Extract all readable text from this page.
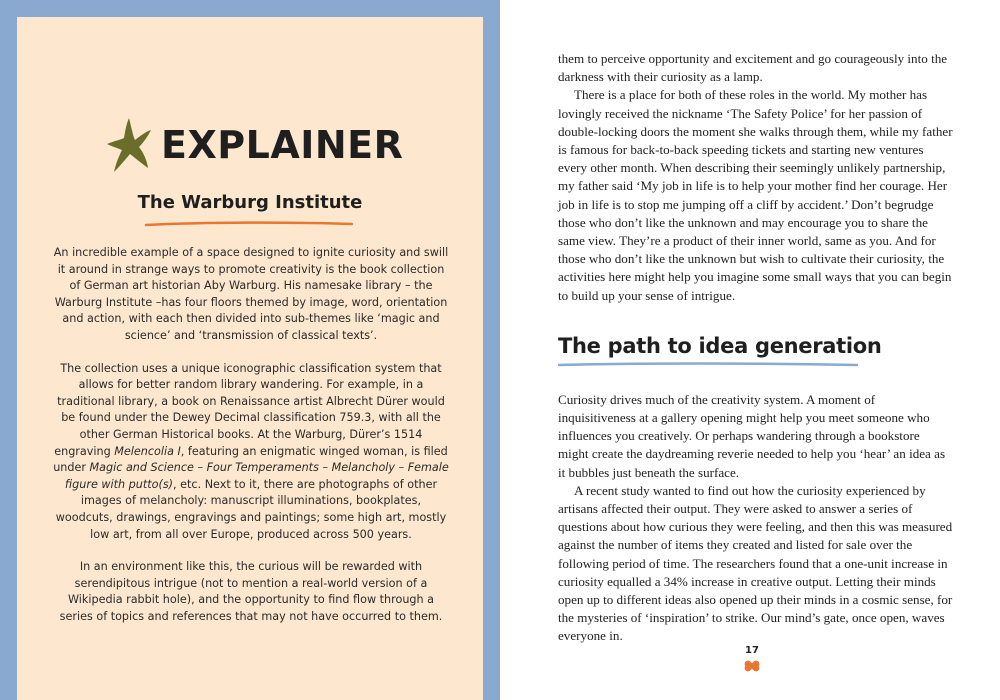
EXPLAINER
The Warburg Institute

An incredible example of a space designed to ignite curiosity and swill it around in strange ways to promote creativity is the book collection of German art historian Aby Warburg. His namesake library – the Warburg Institute –has four floors themed by image, word, orientation and action, with each then divided into sub-themes like ‘magic and science’ and ‘transmission of classical texts’.

The collection uses a unique iconographic classification system that allows for better random library wandering. For example, in a traditional library, a book on Renaissance artist Albrecht Dürer would be found under the Dewey Decimal classification 759.3, with all the other German Historical books. At the Warburg, Dürer’s 1514 engraving Melencolia I, featuring an enigmatic winged woman, is filed under Magic and Science – Four Temperaments – Melancholy – Female figure with putto(s), etc. Next to it, there are photographs of other images of melancholy: manuscript illuminations, bookplates, woodcuts, drawings, engravings and paintings; some high art, mostly low art, from all over Europe, produced across 500 years.

In an environment like this, the curious will be rewarded with serendipitous intrigue (not to mention a real-world version of a Wikipedia rabbit hole), and the opportunity to find flow through a series of topics and references that may not have occurred to them.

them to perceive opportunity and excitement and go courageously into the darkness with their curiosity as a lamp.

There is a place for both of these roles in the world. My mother has lovingly received the nickname ‘The Safety Police’ for her passion of double-locking doors the moment she walks through them, while my father is famous for back-to-back speeding tickets and starting new ventures every other month. When describing their seemingly unlikely partnership, my father said ‘My job in life is to help your mother find her courage. Her job in life is to stop me jumping off a cliff by accident.’ Don’t begrudge those who don’t like the unknown and may encourage you to share the same view. They’re a product of their inner world, same as you. And for those who don’t like the unknown but wish to cultivate their curiosity, the activities here might help you imagine some small ways that you can begin to build up your sense of intrigue.

The path to idea generation

Curiosity drives much of the creativity system. A moment of inquisitiveness at a gallery opening might help you meet someone who influences you creatively. Or perhaps wandering through a bookstore might create the daydreaming reverie needed to help you ‘hear’ an idea as it bubbles just beneath the surface.

A recent study wanted to find out how the curiosity experienced by artisans affected their output. They were asked to answer a series of questions about how curious they were feeling, and then this was measured against the number of items they created and listed for sale over the following period of time. The researchers found that a one-unit increase in curiosity equalled a 34% increase in creative output. Letting their minds open up to different ideas also opened up their minds in a cosmic sense, for the mysteries of ‘inspiration’ to strike. Our mind’s gate, once open, waves everyone in.

17
